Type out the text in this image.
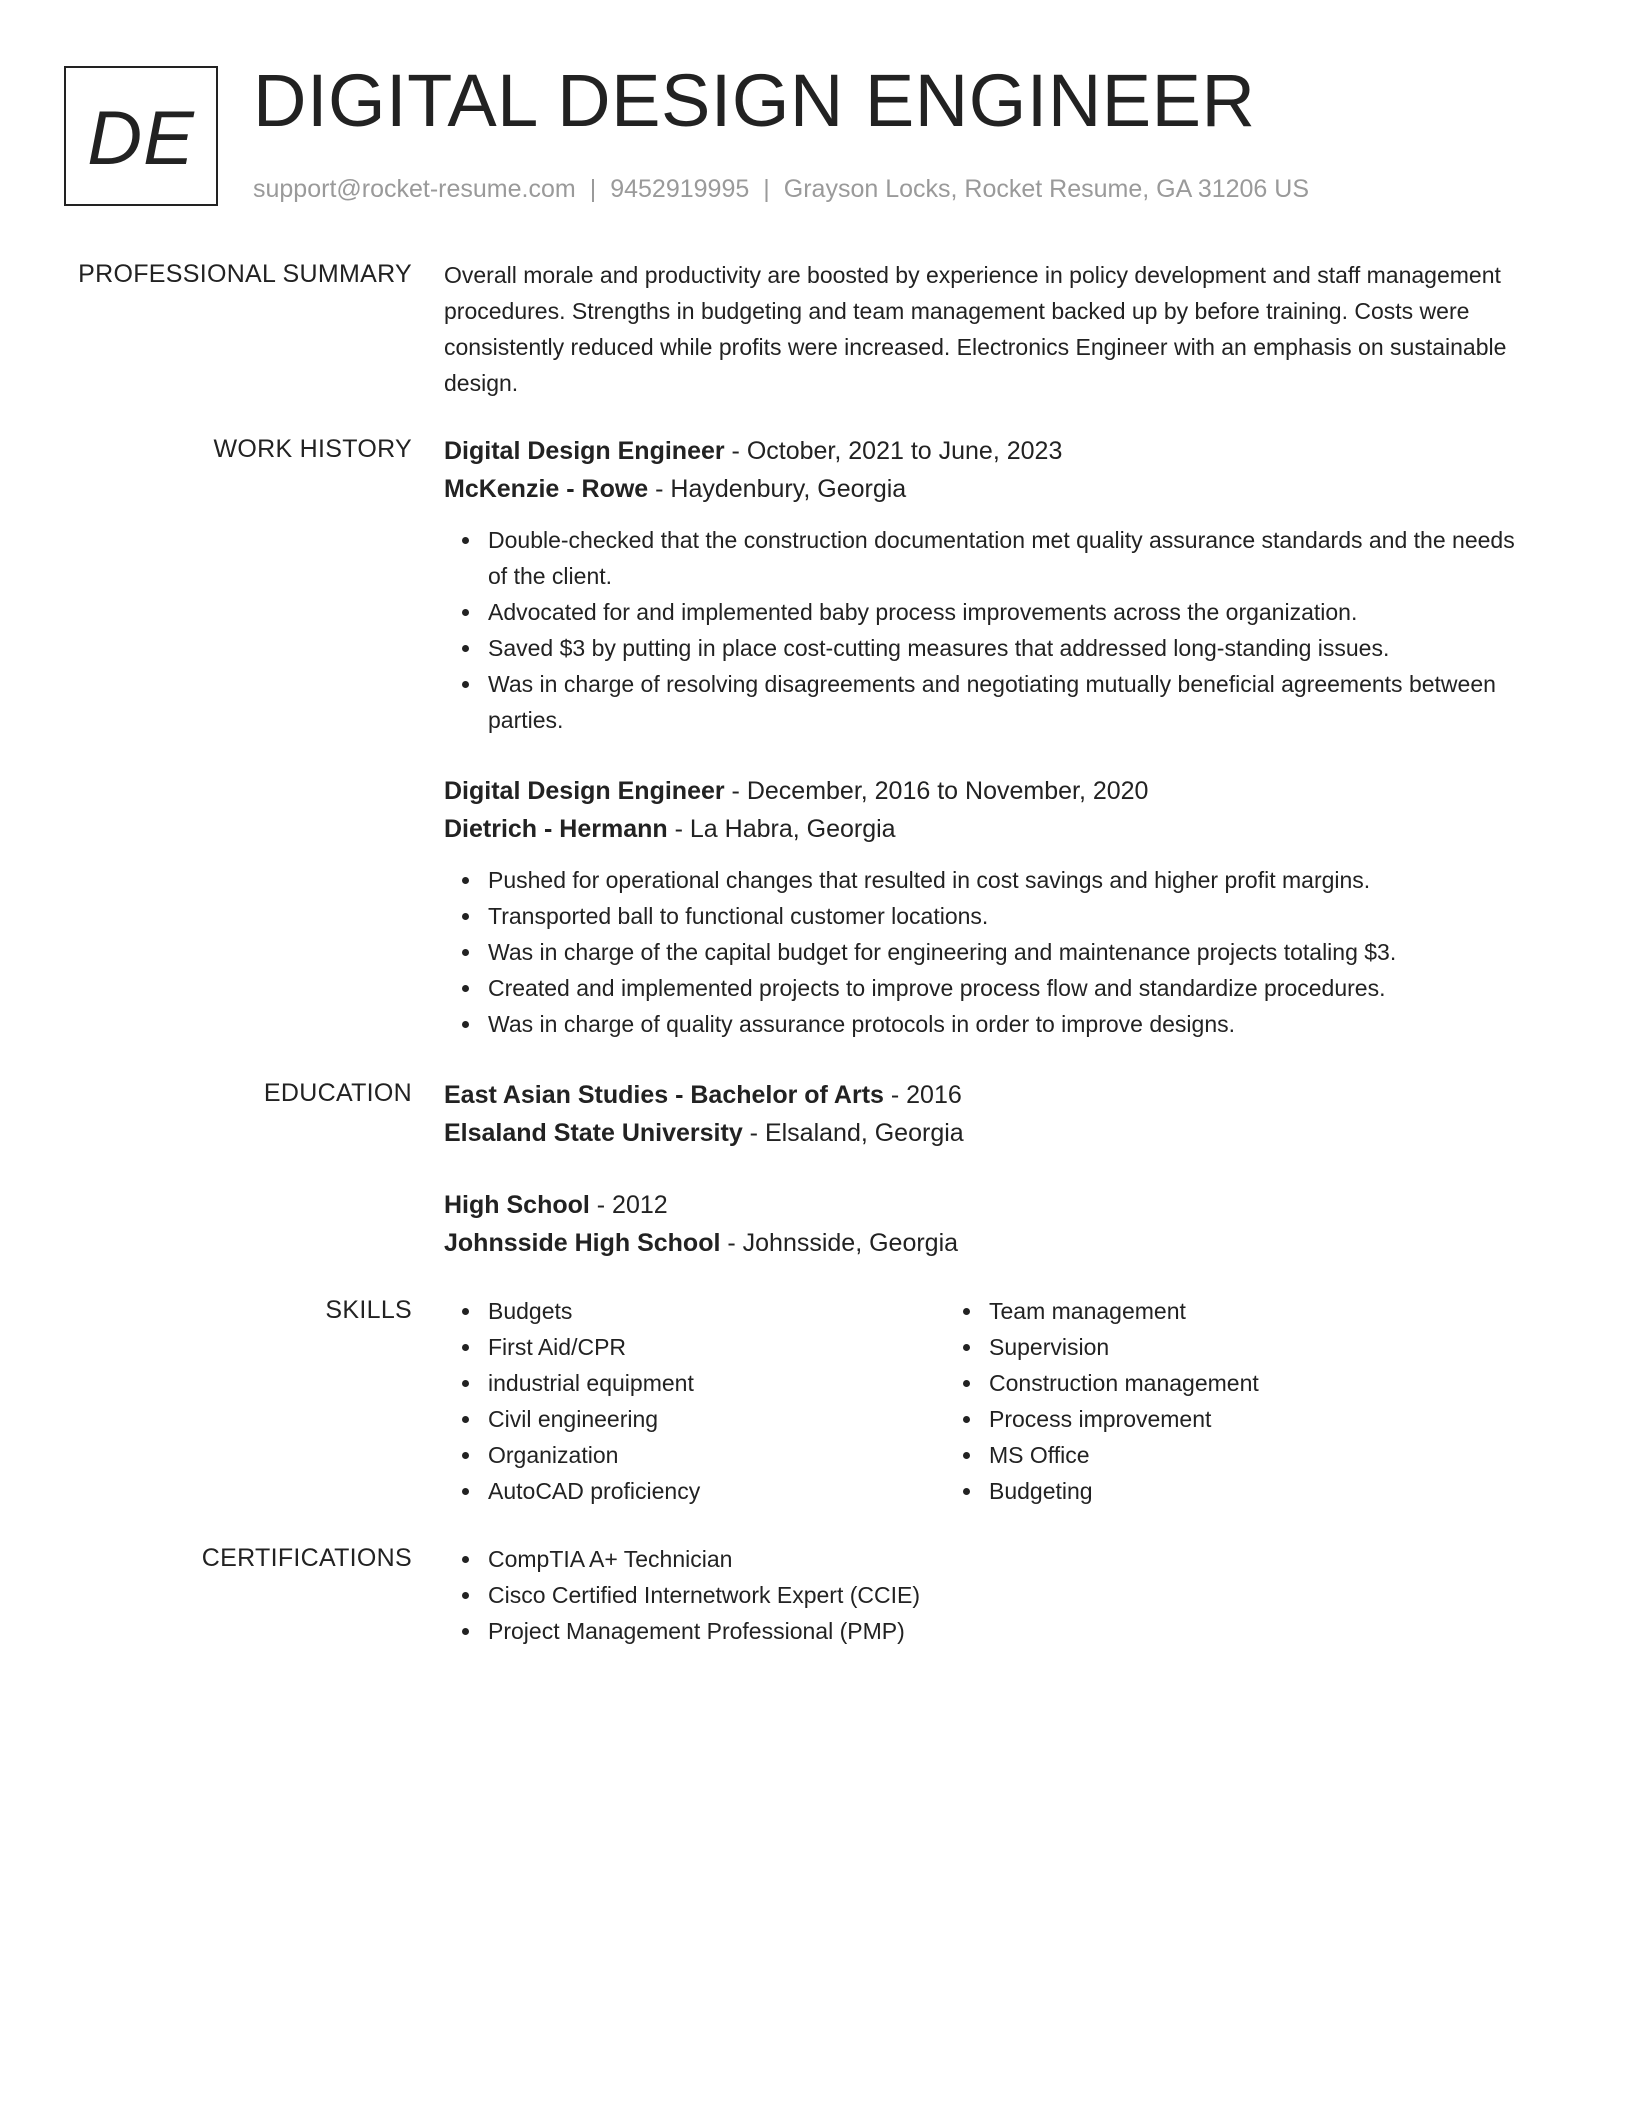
DE DIGITAL DESIGN ENGINEER
support@rocket-resume.com | 9452919995 | Grayson Locks, Rocket Resume, GA 31206 US
PROFESSIONAL SUMMARY Overall morale and productivity are boosted by experience in policy development and staff management procedures. Strengths in budgeting and team management backed up by before training. Costs were consistently reduced while profits were increased. Electronics Engineer with an emphasis on sustainable design.

WORK HISTORY Digital Design Engineer - October, 2021 to June, 2023

McKenzie - Rowe - Haydenbury, Georgia

Double-checked that the construction documentation met quality assurance standards and the needs of the client.
Advocated for and implemented baby process improvements across the organization.
Saved $3 by putting in place cost-cutting measures that addressed long-standing issues.
Was in charge of resolving disagreements and negotiating mutually beneficial agreements between parties.

Digital Design Engineer - December, 2016 to November, 2020

Dietrich - Hermann - La Habra, Georgia

Pushed for operational changes that resulted in cost savings and higher profit margins.
Transported ball to functional customer locations.
Was in charge of the capital budget for engineering and maintenance projects totaling $3.
Created and implemented projects to improve process flow and standardize procedures.
Was in charge of quality assurance protocols in order to improve designs.
EDUCATION East Asian Studies - Bachelor of Arts - 2016

Elsaland State University - Elsaland, Georgia

High School - 2012

Johnsside High School - Johnsside, Georgia

SKILLS	Budgets
First Aid/CPR
industrial equipment
Civil engineering
Organization
AutoCAD proficiency
Team management
Supervision
Construction management
Process improvement
MS Office
Budgeting
CERTIFICATIONS	CompTIA A+ Technician
Cisco Certified Internetwork Expert (CCIE)
Project Management Professional (PMP)
